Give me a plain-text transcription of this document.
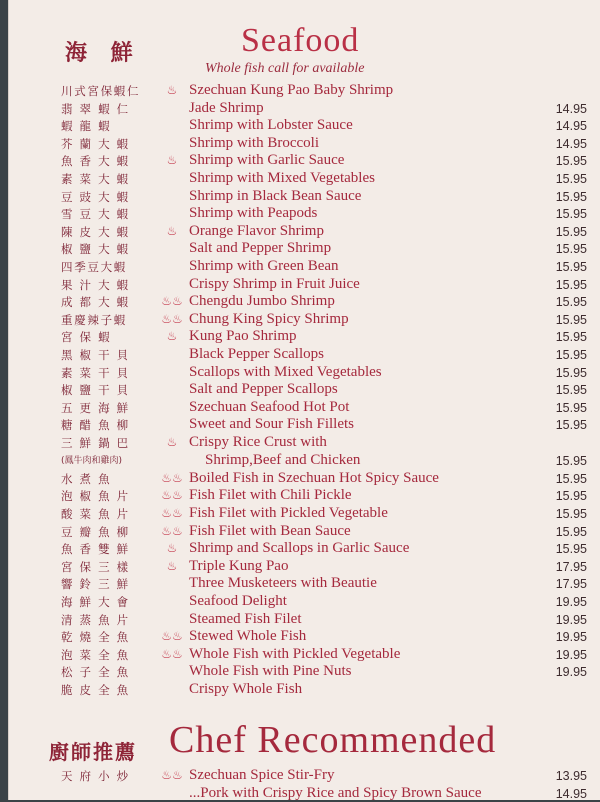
海 鮮	Seafood
Whole fish call for available
川式宮保蝦仁	♨ Szechuan Kung Pao Baby Shrimp
翡 翠 蝦 仁	Jade Shrimp	14.95
蝦 龍 蝦	Shrimp with Lobster Sauce	14.95
芥 蘭 大 蝦	Shrimp with Broccoli	14.95
魚 香 大 蝦	♨ Shrimp with Garlic Sauce	15.95
素 菜 大 蝦	Shrimp with Mixed Vegetables	15.95
豆 豉 大 蝦	Shrimp in Black Bean Sauce	15.95
雪 豆 大 蝦	Shrimp with Peapods	15.95
陳 皮 大 蝦	♨ Orange Flavor Shrimp	15.95
椒 鹽 大 蝦	Salt and Pepper Shrimp	15.95
四季豆大蝦	Shrimp with Green Bean	15.95
果 汁 大 蝦	Crispy Shrimp in Fruit Juice	15.95
成 都 大 蝦	♨♨ Chengdu Jumbo Shrimp	15.95
重慶辣子蝦	♨♨ Chung King Spicy Shrimp	15.95
宮 保 蝦	♨ Kung Pao Shrimp	15.95
黑 椒 干 貝	Black Pepper Scallops	15.95
素 菜 干 貝	Scallops with Mixed Vegetables	15.95
椒 鹽 干 貝	Salt and Pepper Scallops	15.95
五 更 海 鮮	Szechuan Seafood Hot Pot	15.95
糖 醋 魚 柳	Sweet and Sour Fish Fillets	15.95
三 鮮 鍋 巴
(鳳牛肉和雞肉)
♨ Crispy Rice Crust with
Shrimp,Beef and Chicken	15.95
水 煮 魚	♨♨ Boiled Fish in Szechuan Hot Spicy Sauce	15.95
泡 椒 魚 片	♨♨ Fish Filet with Chili Pickle	15.95
酸 菜 魚 片	♨♨ Fish Filet with Pickled Vegetable	15.95
豆 瓣 魚 柳	♨♨ Fish Filet with Bean Sauce	15.95
魚 香 雙 鮮	♨ Shrimp and Scallops in Garlic Sauce	15.95
宮 保 三 樣	♨ Triple Kung Pao	17.95
響 鈴 三 鮮	Three Musketeers with Beautie	17.95
海 鮮 大 會	Seafood Delight	19.95
清 蒸 魚 片	Steamed Fish Filet	19.95
乾 燒 全 魚	♨♨ Stewed Whole Fish	19.95
泡 菜 全 魚	♨♨ Whole Fish with Pickled Vegetable	19.95
松 子 全 魚	Whole Fish with Pine Nuts	19.95
脆 皮 全 魚	Crispy Whole Fish
廚師推薦 Chef Recommended
天 府 小 炒	♨♨ Szechuan Spice Stir-Fry	13.95
...Pork with Crispy Rice and Spicy Brown Sauce	14.95
